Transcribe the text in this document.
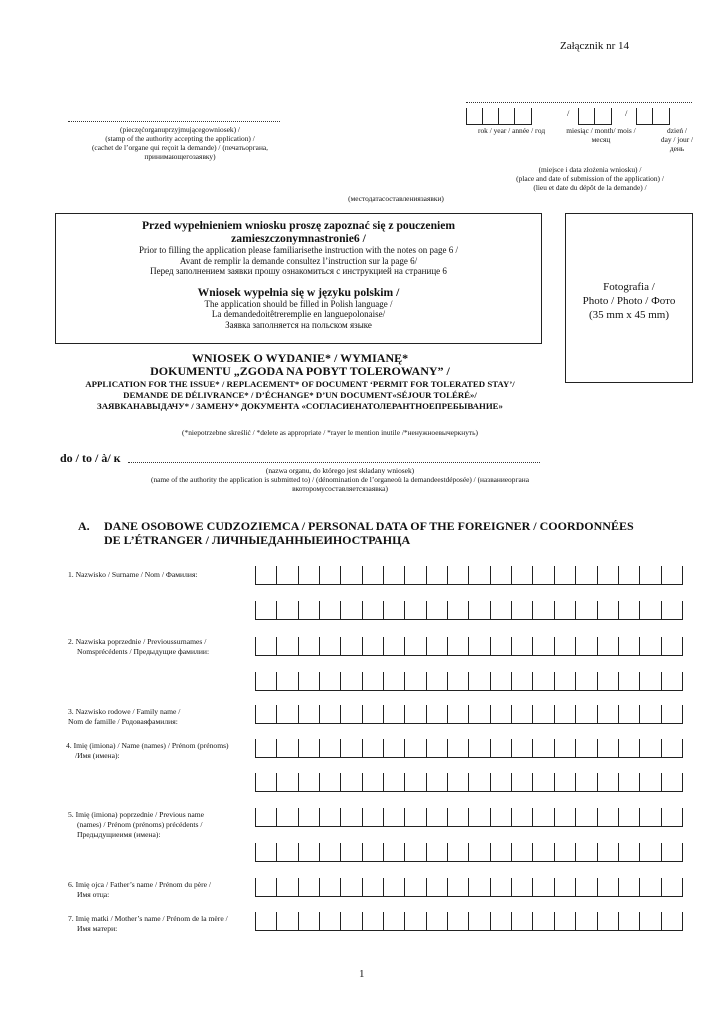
Załącznik nr 14
(pieczęćorganuprzyjmującegowniosek) /
(stamp of the authority accepting the application) /
(cachet de l’organe qui reçoit la demande) / (печатьоргана,
принимающегозаявку)
/	/
rok / year / année / год	miesiąc / month/ mois /
месяц
dzień /
day / jour /
день
(miejsce i data złożenia wniosku) /
(place and date of submission of the application) /
(lieu et date du dépôt de la demande) /
(местодатасоставлениязаявки)
Przed wypełnieniem wniosku proszę zapoznać się z pouczeniem
zamieszczonymnastronie6 /
Prior to filling the application please familiarisethe instruction with the notes on page 6 /
Avant de remplir la demande consultez l’instruction sur la page 6/
Перед заполнением заявки прошу ознакомиться с инструкцией на странице 6
Wniosek wypełnia się w języku polskim /
The application should be filled in Polish language /
La demandedoitêtrerempliе en languepolonaise/
Заявка заполняется на польском языке
Fotografia /
Photo / Photo / Фото
(35 mm x 45 mm)
WNIOSEK O WYDANIE* / WYMIANĘ*
DOKUMENTU „ZGODA NA POBYT TOLEROWANY” /
APPLICATION FOR THE ISSUE* / REPLACEMENT* OF DOCUMENT ‘PERMIT FOR TOLERATED STAY’/
DEMANDE DE DÉLIVRANCE* / D’ÉCHANGE* D’UN DOCUMENT«SÉJOUR TOLÉRÉ»/
ЗАЯВКАНАВЫДАЧУ* / ЗАМЕНУ* ДОКУМЕНТА «СОГЛАСИЕНАТОЛЕРАНТНОЕПРЕБЫВАНИЕ»
(*niepotrzebne skreślić / *delete as appropriate / *rayer le mention inutile /*ненужноевычеркнуть)
do / to / à/ к
(nazwa organu, do którego jest składany wniosek)
(name of the authority the application is submitted to) / (dénomination de l’organeoù la demandeestdéposée) / (названиеоргана
вкоторомусоставляетсязаявка)
A. DANE OSOBOWE CUDZOZIEMCA / PERSONAL DATA OF THE FOREIGNER / COORDONNÉES
DE L’ÉTRANGER / ЛИЧНЫЕДАННЫЕИНОСТРАНЦА
1. Nazwisko / Surname / Nom / Фамилия:
2. Nazwiska poprzednie / Previoussurnames /
Nomsprécédents / Предыдущие фамилии:
3. Nazwisko rodowe / Family name /
Nom de famille / Родоваяфамилия:
4. Imię (imiona) / Name (names) / Prénom (prénoms)
/Имя (имена):
5. Imię (imiona) poprzednie / Previous name
(names) / Prénom (prénoms) précédents /
Предыдущиеимя (имена):
6. Imię ojca / Father’s name / Prénom du père /
Имя отца:
7. Imię matki / Mother’s name / Prénom de la mère /
Имя матери:
1
